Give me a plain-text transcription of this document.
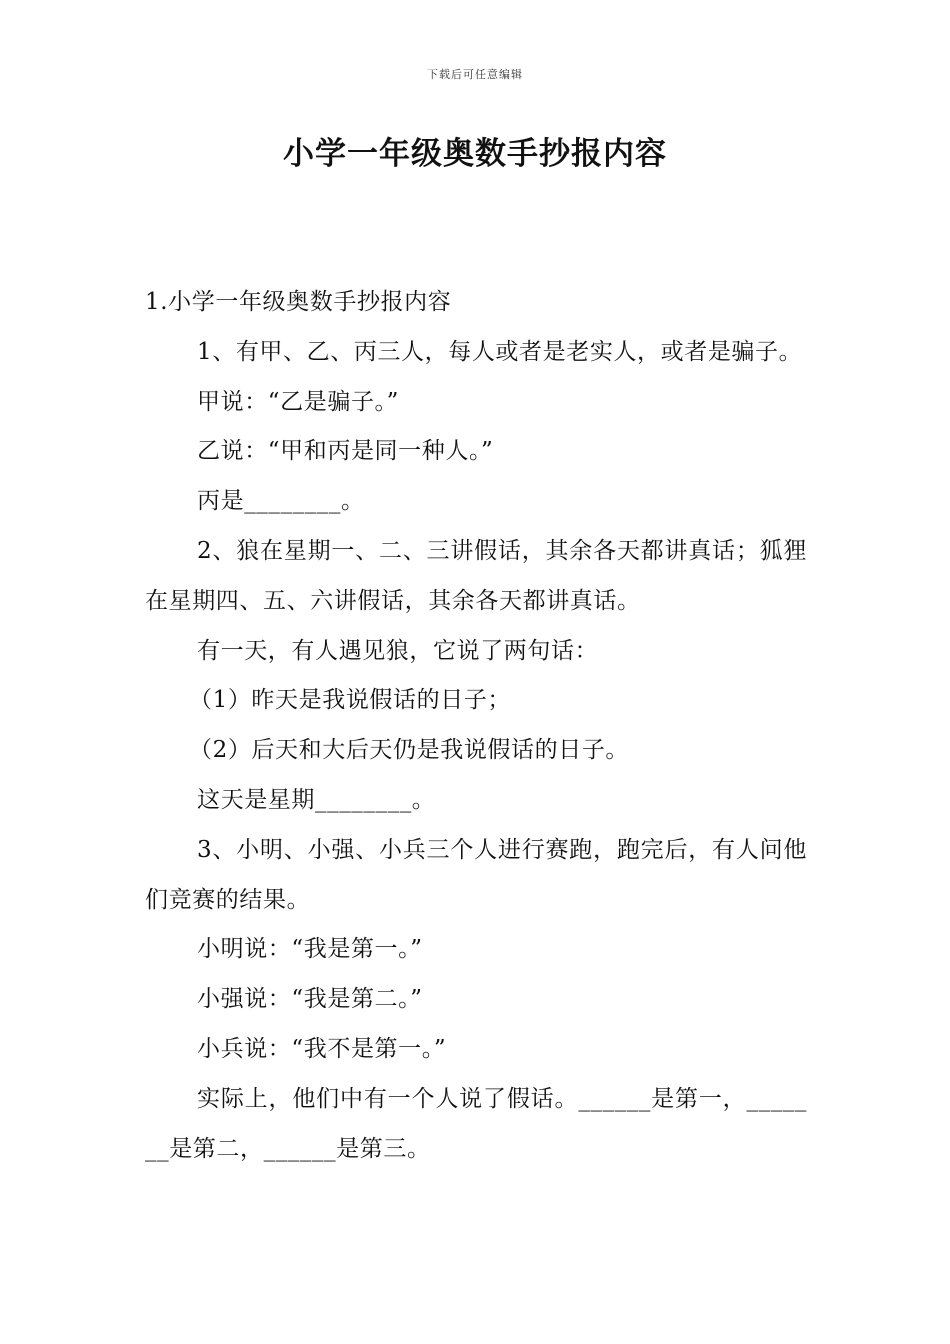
下载后可任意编辑
小学一年级奥数手抄报内容

1.小学一年级奥数手抄报内容

1、有甲、乙、丙三人，每人或者是老实人，或者是骗子。

甲说：“乙是骗子。”

乙说：“甲和丙是同一种人。”

丙是________。

2、狼在星期一、二、三讲假话，其余各天都讲真话；狐狸在星期四、五、六讲假话，其余各天都讲真话。

有一天，有人遇见狼，它说了两句话：

（1）昨天是我说假话的日子；

（2）后天和大后天仍是我说假话的日子。

这天是星期________。

3、小明、小强、小兵三个人进行赛跑，跑完后，有人问他们竞赛的结果。

小明说：“我是第一。”

小强说：“我是第二。”

小兵说：“我不是第一。”

实际上，他们中有一个人说了假话。______是第一，_______是第二，______是第三。
